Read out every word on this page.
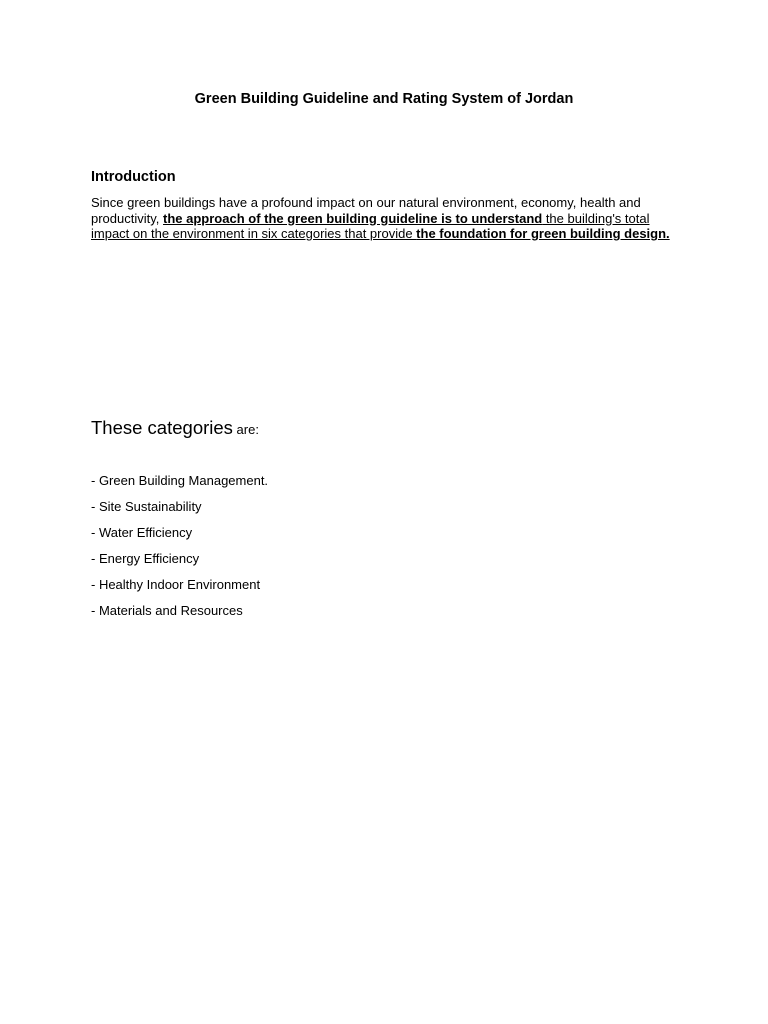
Green Building Guideline and Rating System of Jordan
Introduction
Since green buildings have a profound impact on our natural environment, economy, health and productivity, the approach of the green building guideline is to understand the building's total impact on the environment in six categories that provide the foundation for green building design.
These categories are:
- Green Building Management.
- Site Sustainability
- Water Efficiency
- Energy Efficiency
- Healthy Indoor Environment
- Materials and Resources
